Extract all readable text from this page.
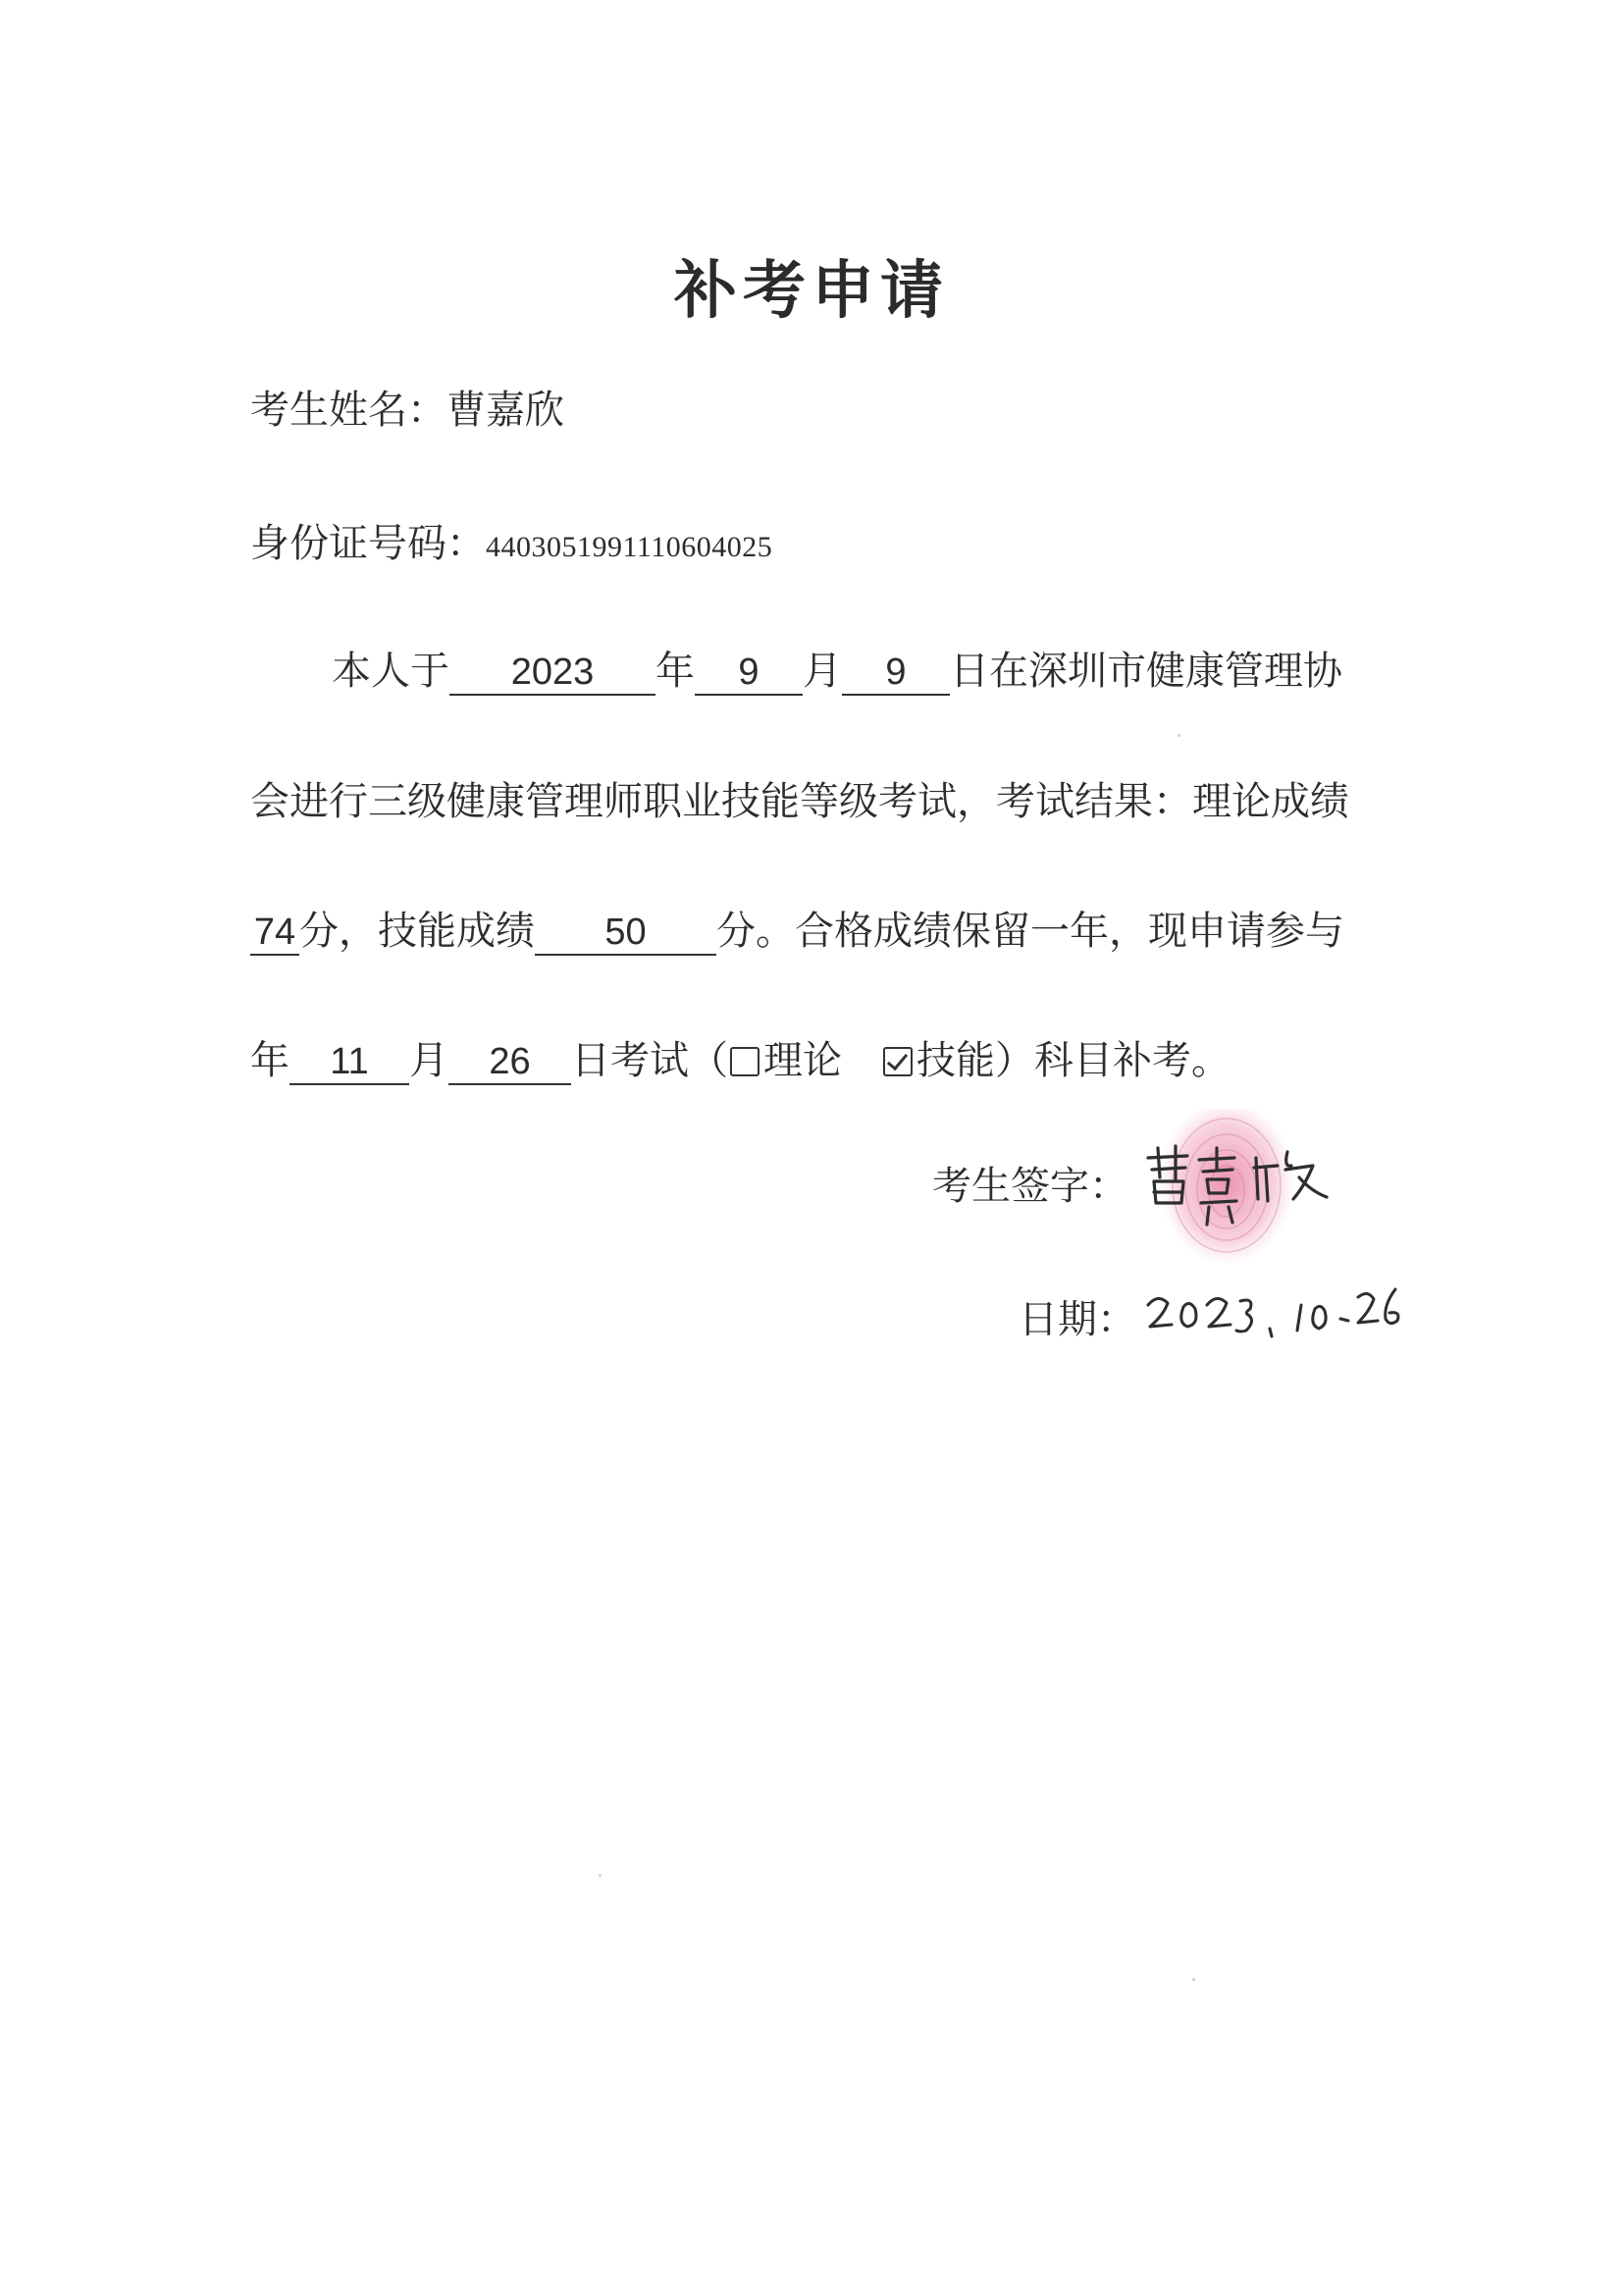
补考申请
考生姓名：曹嘉欣
身份证号码：4403051991110604025
本人于 2023 年 9 月 9 日在深圳市健康管理协
会进行三级健康管理师职业技能等级考试，考试结果：理论成绩
74分，技能成绩 50 分。合格成绩保留一年，现申请参与
年 11 月 26 日考试（ 理论 技能）科目补考。
考生签字：
日期：
